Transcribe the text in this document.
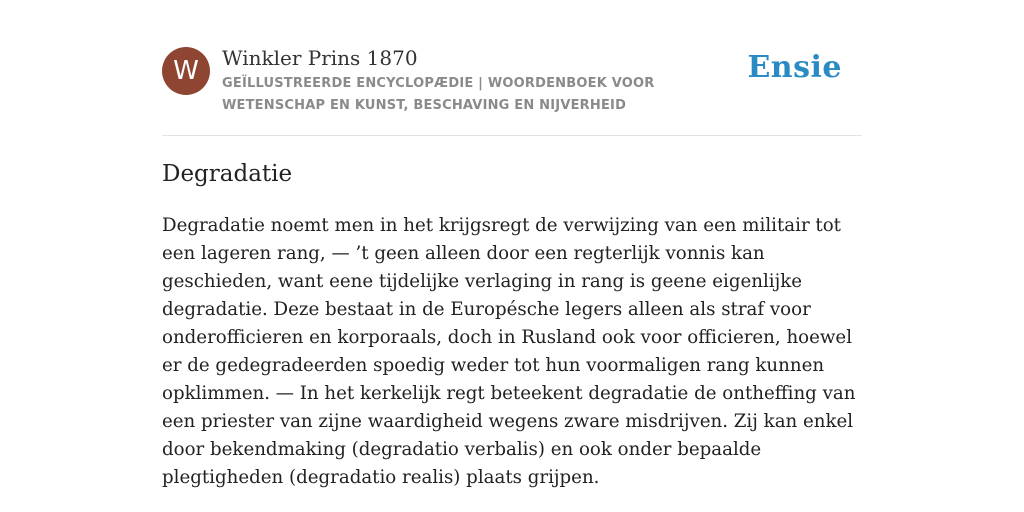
W	Winkler Prins 1870
GEÏLLUSTREERDE ENCYCLOPÆDIE | WOORDENBOEK VOOR WETENSCHAP EN KUNST, BESCHAVING EN NIJVERHEID
Ensie
Degradatie

Degradatie noemt men in het krijgsregt de verwijzing van een militair tot een lageren rang, — ’t geen alleen door een regterlijk vonnis kan geschieden, want eene tijdelijke verlaging in rang is geene eigenlijke degradatie. Deze bestaat in de Europésche legers alleen als straf voor onderofficieren en korporaals, doch in Rusland ook voor officieren, hoewel er de gedegradeerden spoedig weder tot hun voormaligen rang kunnen opklimmen. — In het kerkelijk regt beteekent degradatie de ontheffing van een priester van zijne waardigheid wegens zware misdrijven. Zij kan enkel door bekendmaking (degradatio verbalis) en ook onder bepaalde plegtigheden (degradatio realis) plaats grijpen.
